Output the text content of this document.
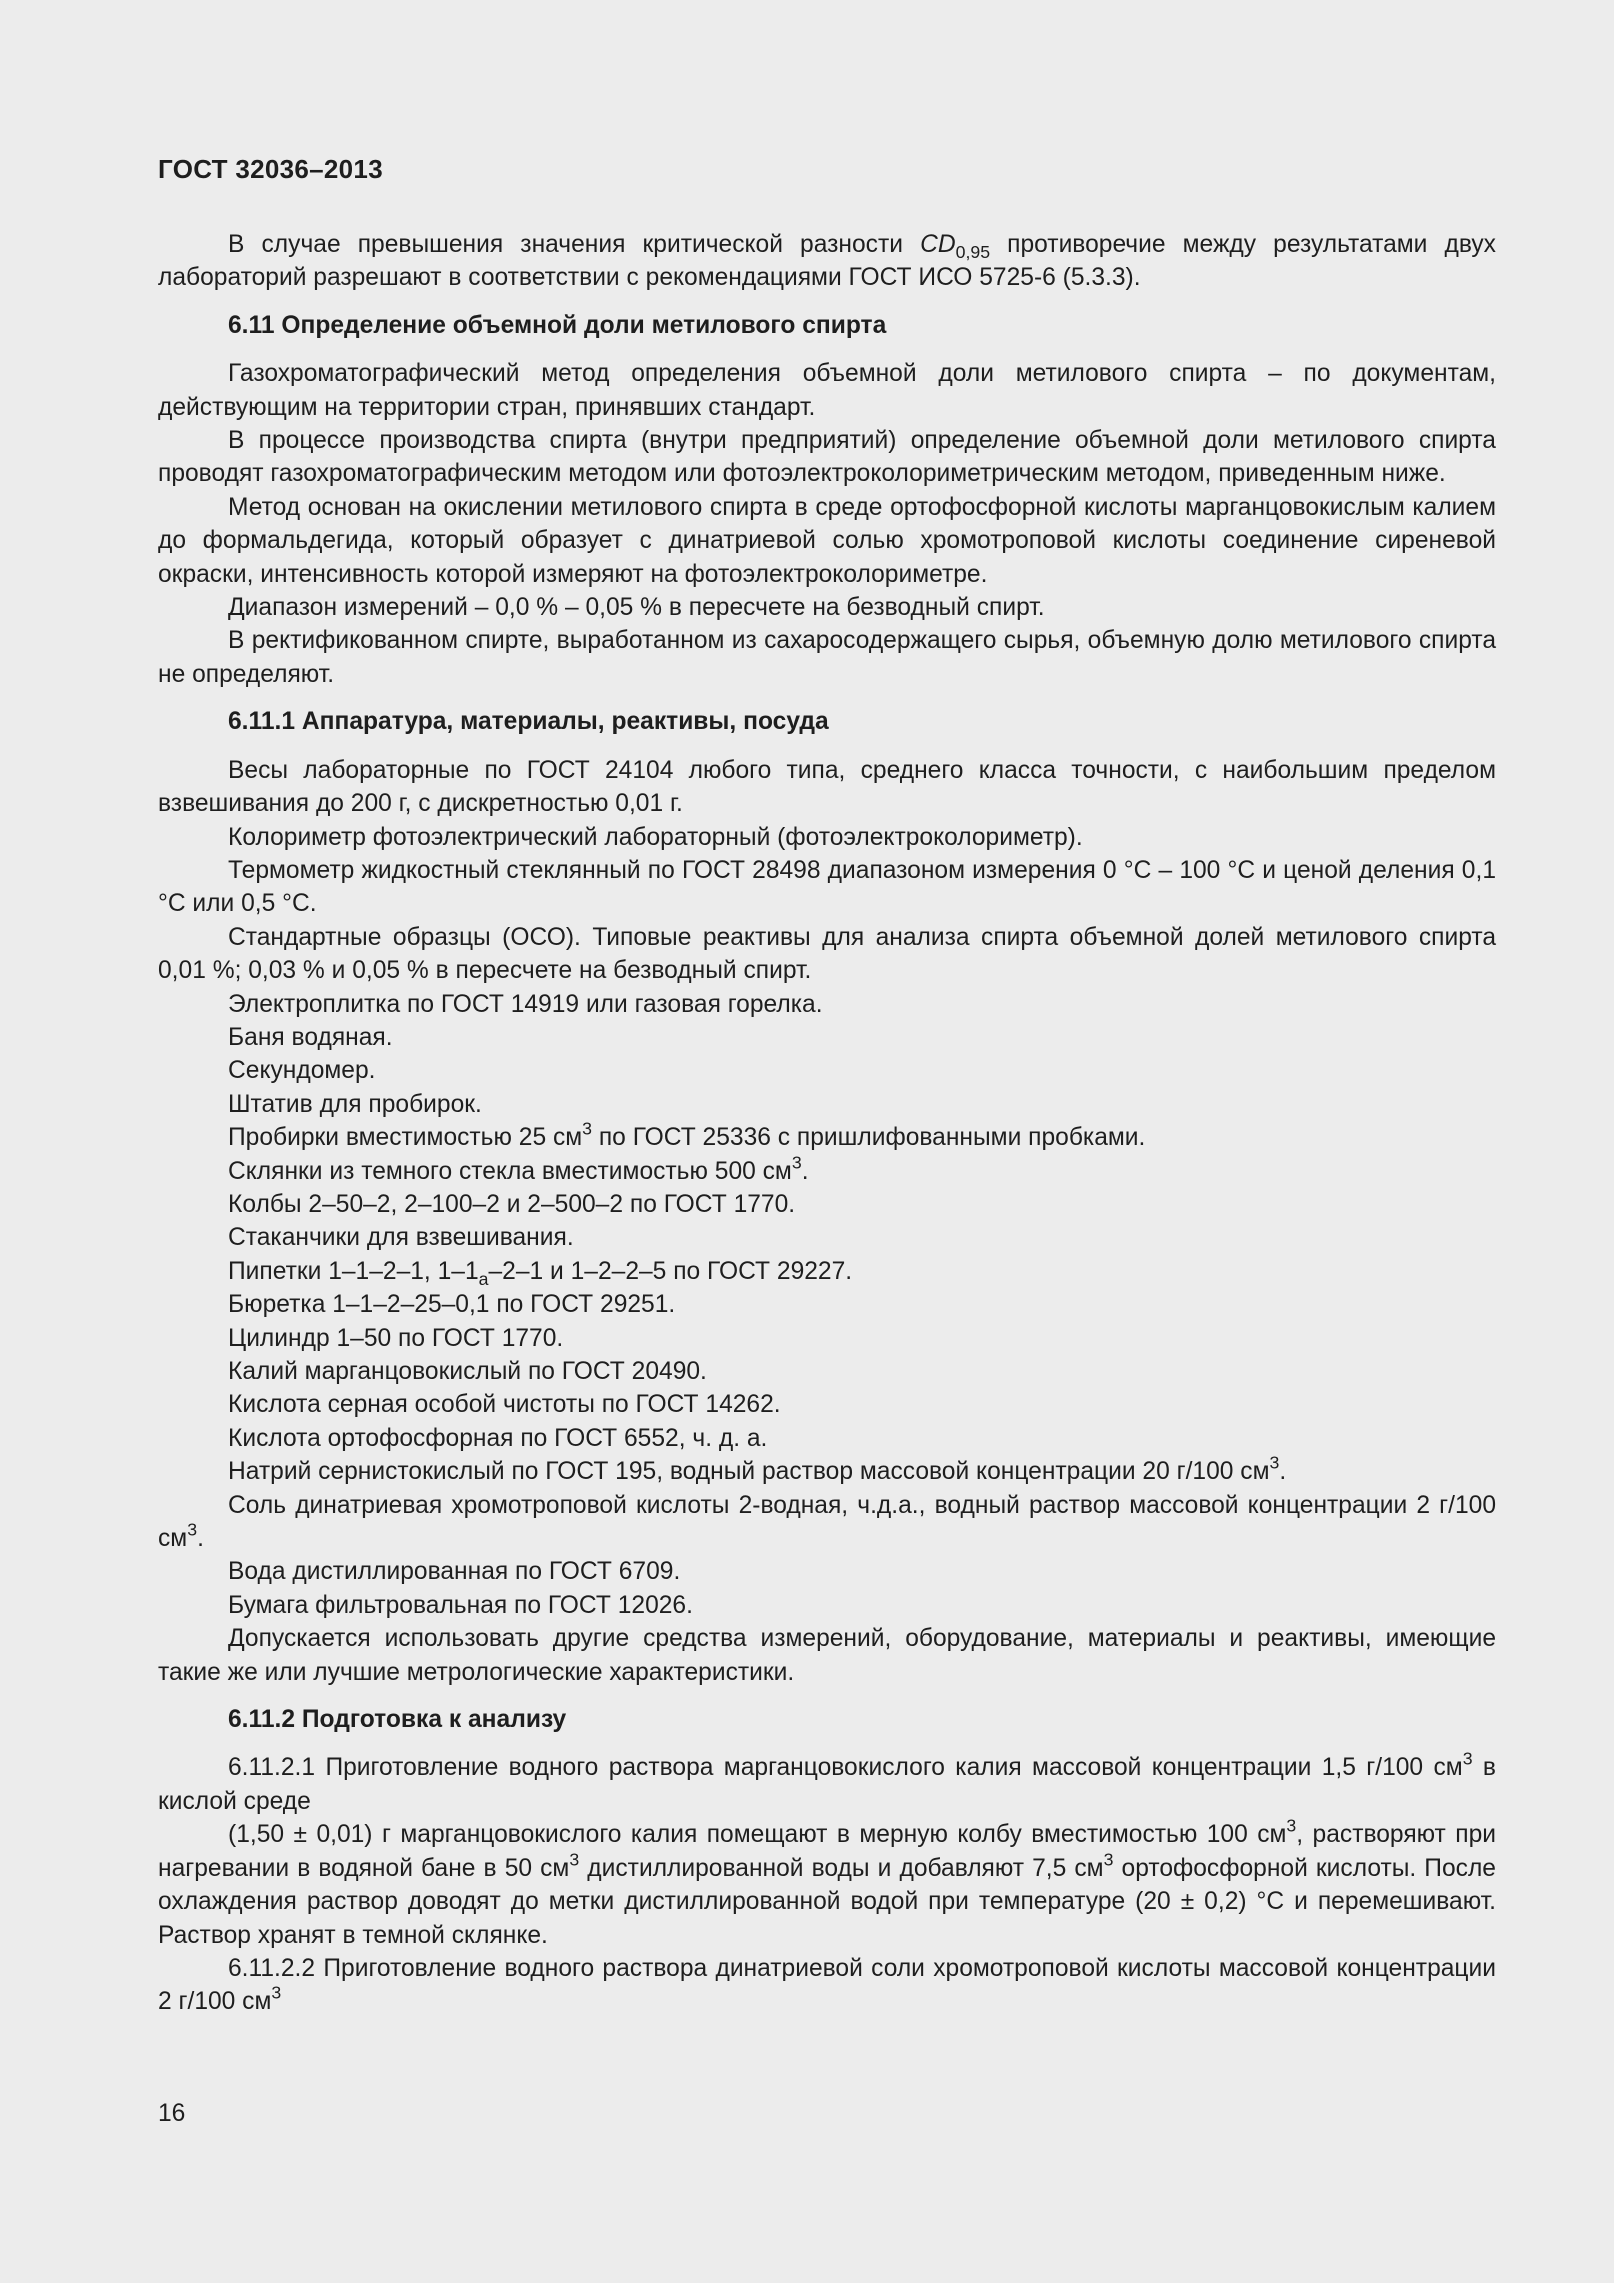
ГОСТ 32036–2013

В случае превышения значения критической разности $CD_{0,95}$ противоречие между результатами двух лабораторий разрешают в соответствии с рекомендациями ГОСТ ИСО 5725-6 (5.3.3).

6.11 Определение объемной доли метилового спирта

Газохроматографический метод определения объемной доли метилового спирта – по документам, действующим на территории стран, принявших стандарт.

В процессе производства спирта (внутри предприятий) определение объемной доли метилового спирта проводят газохроматографическим методом или фотоэлектроколориметрическим методом, приведенным ниже.

Метод основан на окислении метилового спирта в среде ортофосфорной кислоты марганцовокислым калием до формальдегида, который образует с динатриевой солью хромотроповой кислоты соединение сиреневой окраски, интенсивность которой измеряют на фотоэлектроколориметре.

Диапазон измерений – 0,0 % – 0,05 % в пересчете на безводный спирт.

В ректификованном спирте, выработанном из сахаросодержащего сырья, объемную долю метилового спирта не определяют.

6.11.1 Аппаратура, материалы, реактивы, посуда

Весы лабораторные по ГОСТ 24104 любого типа, среднего класса точности, с наибольшим пределом взвешивания до 200 г, с дискретностью 0,01 г.

Колориметр фотоэлектрический лабораторный (фотоэлектроколориметр).

Термометр жидкостный стеклянный по ГОСТ 28498 диапазоном измерения 0 °С – 100 °С и ценой деления 0,1 °С или 0,5 °С.

Стандартные образцы (ОСО). Типовые реактивы для анализа спирта объемной долей метилового спирта 0,01 %; 0,03 % и 0,05 % в пересчете на безводный спирт.

Электроплитка по ГОСТ 14919 или газовая горелка.

Баня водяная.

Секундомер.

Штатив для пробирок.

Пробирки вместимостью 25 $см^3$ по ГОСТ 25336 с пришлифованными пробками.

Склянки из темного стекла вместимостью 500 $см^3$.

Колбы 2–50–2, 2–100–2 и 2–500–2 по ГОСТ 1770.

Стаканчики для взвешивания.

Пипетки 1–1–2–1, $1-1_а-2-1$ и 1–2–2–5 по ГОСТ 29227.

Бюретка 1–1–2–25–0,1 по ГОСТ 29251.

Цилиндр 1–50 по ГОСТ 1770.

Калий марганцовокислый по ГОСТ 20490.

Кислота серная особой чистоты по ГОСТ 14262.

Кислота ортофосфорная по ГОСТ 6552, ч. д. а.

Натрий сернистокислый по ГОСТ 195, водный раствор массовой концентрации 20 г/100 $см^3$.

Соль динатриевая хромотроповой кислоты 2-водная, ч.д.а., водный раствор массовой концентрации 2 г/100 $см^3$.

Вода дистиллированная по ГОСТ 6709.

Бумага фильтровальная по ГОСТ 12026.

Допускается использовать другие средства измерений, оборудование, материалы и реактивы, имеющие такие же или лучшие метрологические характеристики.

6.11.2 Подготовка к анализу

6.11.2.1 Приготовление водного раствора марганцовокислого калия массовой концентрации 1,5 г/100 $см^3$ в кислой среде

(1,50 ± 0,01) г марганцовокислого калия помещают в мерную колбу вместимостью 100 $см^3$, растворяют при нагревании в водяной бане в 50 $см^3$ дистиллированной воды и добавляют 7,5 $см^3$ ортофосфорной кислоты. После охлаждения раствор доводят до метки дистиллированной водой при температуре (20 ± 0,2) °С и перемешивают. Раствор хранят в темной склянке.

6.11.2.2 Приготовление водного раствора динатриевой соли хромотроповой кислоты массовой концентрации 2 г/100 $см^3$

16
